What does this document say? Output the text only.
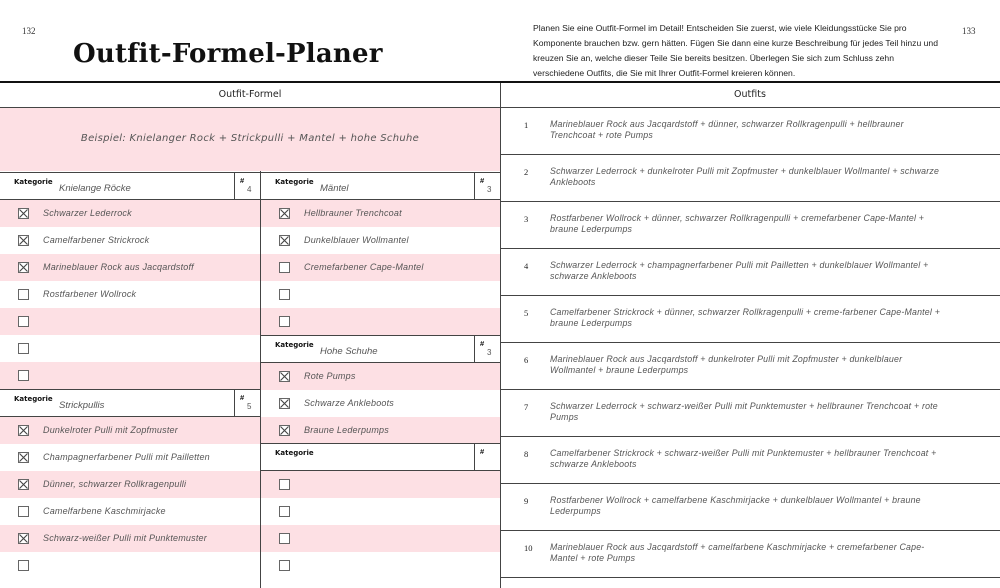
132	133
Outfit-Formel-Planer

Planen Sie eine Outfit-Formel im Detail! Entscheiden Sie zuerst, wie viele Kleidungsstücke Sie pro Komponente brauchen bzw. gern hätten. Fügen Sie dann eine kurze Beschreibung für jedes Teil hinzu und kreuzen Sie an, welche dieser Teile Sie bereits besitzen. Überlegen Sie sich zum Schluss zehn verschiedene Outfits, die Sie mit Ihrer Outfit-Formel kreieren können.

Outfit-Formel	Outfits
Beispiel: Knielanger Rock + Strickpulli + Mantel + hohe Schuhe
Kategorie
Knielange Röcke
#
4
Schwarzer Lederrock
Camelfarbener Strickrock
Marineblauer Rock aus Jacqardstoff
Rostfarbener Wollrock
Kategorie
Strickpullis
#
5
Dunkelroter Pulli mit Zopfmuster
Champagnerfarbener Pulli mit Pailletten
Dünner, schwarzer Rollkragenpulli
Camelfarbene Kaschmirjacke
Schwarz-weißer Pulli mit Punktemuster
Kategorie
Mäntel
#
3
Hellbrauner Trenchcoat
Dunkelblauer Wollmantel
Cremefarbener Cape-Mantel
Kategorie
Hohe Schuhe
#
3
Rote Pumps
Schwarze Ankleboots
Braune Lederpumps
Kategorie	#
1 Marineblauer Rock aus Jacqardstoff + dünner, schwarzer Rollkragenpulli + hellbrauner Trenchcoat + rote Pumps
2 Schwarzer Lederrock + dunkelroter Pulli mit Zopfmuster + dunkelblauer Wollmantel + schwarze Ankleboots
3 Rostfarbener Wollrock + dünner, schwarzer Rollkragenpulli + cremefarbener Cape-Mantel + braune Lederpumps
4 Schwarzer Lederrock + champagnerfarbener Pulli mit Pailletten + dunkelblauer Wollmantel + schwarze Ankleboots
5 Camelfarbener Strickrock + dünner, schwarzer Rollkragenpulli + creme-farbener Cape-Mantel + braune Lederpumps
6 Marineblauer Rock aus Jacqardstoff + dunkelroter Pulli mit Zopfmuster + dunkelblauer Wollmantel + braune Lederpumps
7 Schwarzer Lederrock + schwarz-weißer Pulli mit Punktemuster + hellbrauner Trenchcoat + rote Pumps
8 Camelfarbener Strickrock + schwarz-weißer Pulli mit Punktemuster + hellbrauner Trenchcoat + schwarze Ankleboots
9 Rostfarbener Wollrock + camelfarbene Kaschmirjacke + dunkelblauer Wollmantel + braune Lederpumps
10 Marineblauer Rock aus Jacqardstoff + camelfarbene Kaschmirjacke + cremefarbener Cape-Mantel + rote Pumps
